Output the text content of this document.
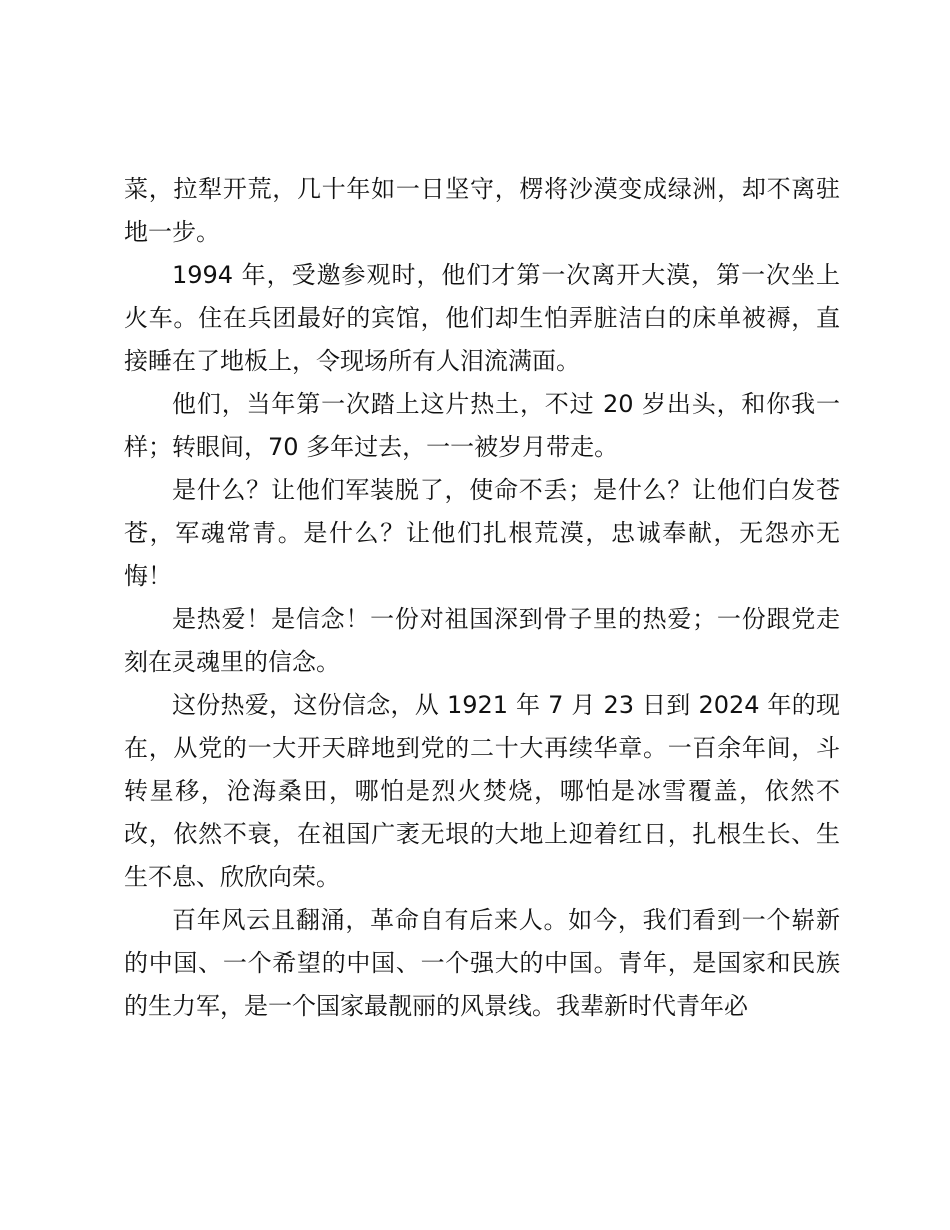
菜，拉犁开荒，几十年如一日坚守，楞将沙漠变成绿洲，却不离驻地一步。

1994 年，受邀参观时，他们才第一次离开大漠，第一次坐上火车。住在兵团最好的宾馆，他们却生怕弄脏洁白的床单被褥，直接睡在了地板上，令现场所有人泪流满面。

他们，当年第一次踏上这片热土，不过 20 岁出头，和你我一样；转眼间，70 多年过去，一一被岁月带走。

是什么？让他们军装脱了，使命不丢；是什么？让他们白发苍苍，军魂常青。是什么？让他们扎根荒漠，忠诚奉献，无怨亦无悔！

是热爱！是信念！一份对祖国深到骨子里的热爱；一份跟党走刻在灵魂里的信念。

这份热爱，这份信念，从 1921 年 7 月 23 日到 2024 年的现在，从党的一大开天辟地到党的二十大再续华章。一百余年间，斗转星移，沧海桑田，哪怕是烈火焚烧，哪怕是冰雪覆盖，依然不改，依然不衰，在祖国广袤无垠的大地上迎着红日，扎根生长、生生不息、欣欣向荣。

百年风云且翻涌，革命自有后来人。如今，我们看到一个崭新的中国、一个希望的中国、一个强大的中国。青年，是国家和民族的生力军，是一个国家最靓丽的风景线。我辈新时代青年必
